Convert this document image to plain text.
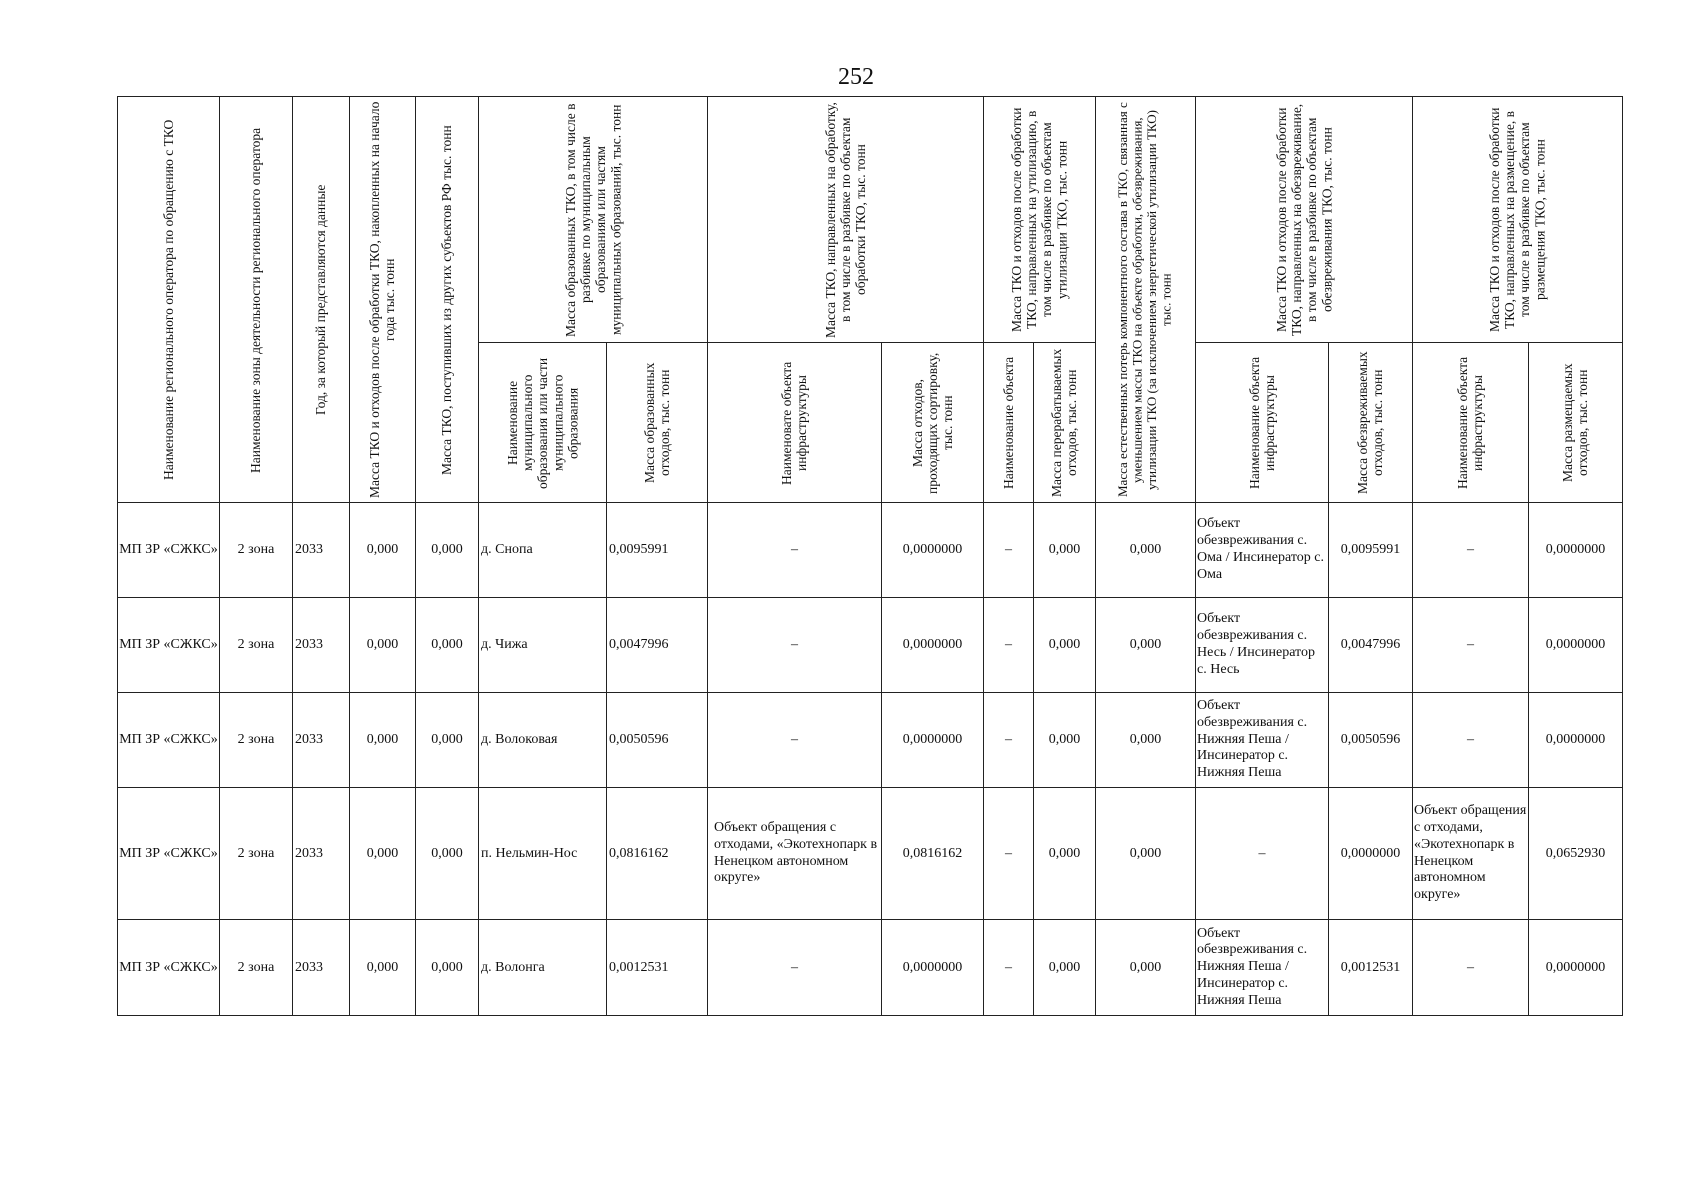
252
Наименование регионального оператора по обращению с ТКО	Наименование зоны деятельности регионального оператора	Год, за который представляются данные	Масса ТКО и отходов после обработки ТКО, накопленных на начало года тыс. тонн	Масса ТКО, поступивших из других субъектов РФ тыс. тонн	Масса образованных ТКО, в том числе в разбивке по муниципальным образованиям или частям муниципальных образований, тыс. тонн		Масса ТКО, направленных на обработку, в том числе в разбивке по объектам обработки ТКО, тыс. тонн		Масса ТКО и отходов после обработки ТКО, направленных на утилизацию, в том числе в разбивке по объектам утилизации ТКО, тыс. тонн		Масса естественных потерь компонентного состава в ТКО, связанная с уменьшением массы ТКО на объекте обработки, обезвреживания, утилизации ТКО (за исключением энергетической утилизации ТКО) тыс. тонн	Масса ТКО и отходов после обработки ТКО, направленных на обезвреживание, в том числе в разбивке по объектам обезвреживания ТКО, тыс. тонн		Масса ТКО и отходов после обработки ТКО, направленных на размещение, в том числе в разбивке по объектам размещения ТКО, тыс. тонн	

					Наименование муниципального образования или части муниципального образования	Масса образованных отходов, тыс. тонн	Наименовате объекта инфраструктуры	Масса отходов, проходящих сортировку, тыс. тонн	Наименование объекта	Масса перерабатываемых отходов, тыс. тонн		Наименование объекта инфраструктуры	Масса обезвреживаемых отходов, тыс. тонн	Наименование объекта инфраструктуры	Масса размещаемых отходов, тыс. тонн

МП ЗР «СЖКС»	2 зона	2033	0,000	0,000	д. Снопа	0,0095991	–	0,0000000	–	0,000	0,000	Объект обезвреживания с. Ома / Инсинератор с. Ома	0,0095991	–	0,0000000
МП ЗР «СЖКС»	2 зона	2033	0,000	0,000	д. Чижа	0,0047996	–	0,0000000	–	0,000	0,000	Объект обезвреживания с. Несь / Инсинератор с. Несь	0,0047996	–	0,0000000
МП ЗР «СЖКС»	2 зона	2033	0,000	0,000	д. Волоковая	0,0050596	–	0,0000000	–	0,000	0,000	Объект обезвреживания с. Нижняя Пеша / Инсинератор с. Нижняя Пеша	0,0050596	–	0,0000000
МП ЗР «СЖКС»	2 зона	2033	0,000	0,000	п. Нельмин-Нос	0,0816162	Объект обращения с отходами, «Экотехнопарк в Ненецком автономном округе»	0,0816162	–	0,000	0,000	–	0,0000000	Объект обращения с отходами, «Экотехнопарк в Ненецком автономном округе»	0,0652930
МП ЗР «СЖКС»	2 зона	2033	0,000	0,000	д. Волонга	0,0012531	–	0,0000000	–	0,000	0,000	Объект обезвреживания с. Нижняя Пеша / Инсинератор с. Нижняя Пеша	0,0012531	–	0,0000000
